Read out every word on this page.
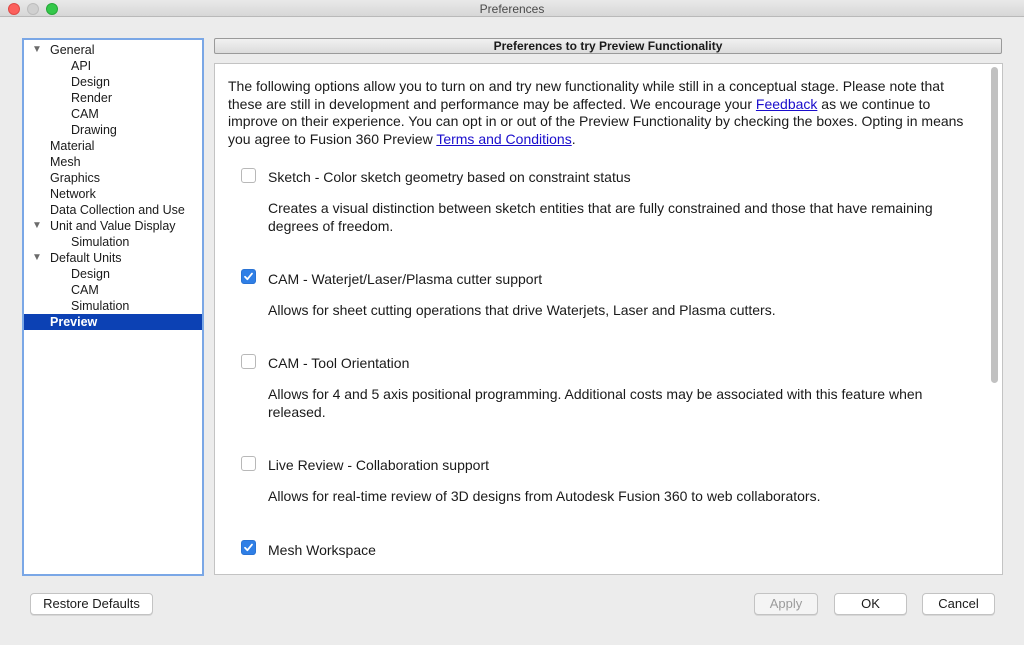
Preferences
▼ General
API
Design
Render
CAM
Drawing
Material
Mesh
Graphics
Network
Data Collection and Use
▼ Unit and Value Display
Simulation
▼ Default Units
Design
CAM
Simulation
Preview
Preferences to try Preview Functionality
The following options allow you to turn on and try new functionality while still in a conceptual stage. Please note that these are still in development and performance may be affected. We encourage your Feedback as we continue to improve on their experience. You can opt in or out of the Preview Functionality by checking the boxes. Opting in means you agree to Fusion 360 Preview Terms and Conditions.
Sketch - Color sketch geometry based on constraint status
Creates a visual distinction between sketch entities that are fully constrained and those that have remaining degrees of freedom.
CAM - Waterjet/Laser/Plasma cutter support
Allows for sheet cutting operations that drive Waterjets, Laser and Plasma cutters.
CAM - Tool Orientation
Allows for 4 and 5 axis positional programming. Additional costs may be associated with this feature when released.
Live Review - Collaboration support
Allows for real-time review of 3D designs from Autodesk Fusion 360 to web collaborators.
Mesh Workspace
Restore Defaults	Apply	OK	Cancel
